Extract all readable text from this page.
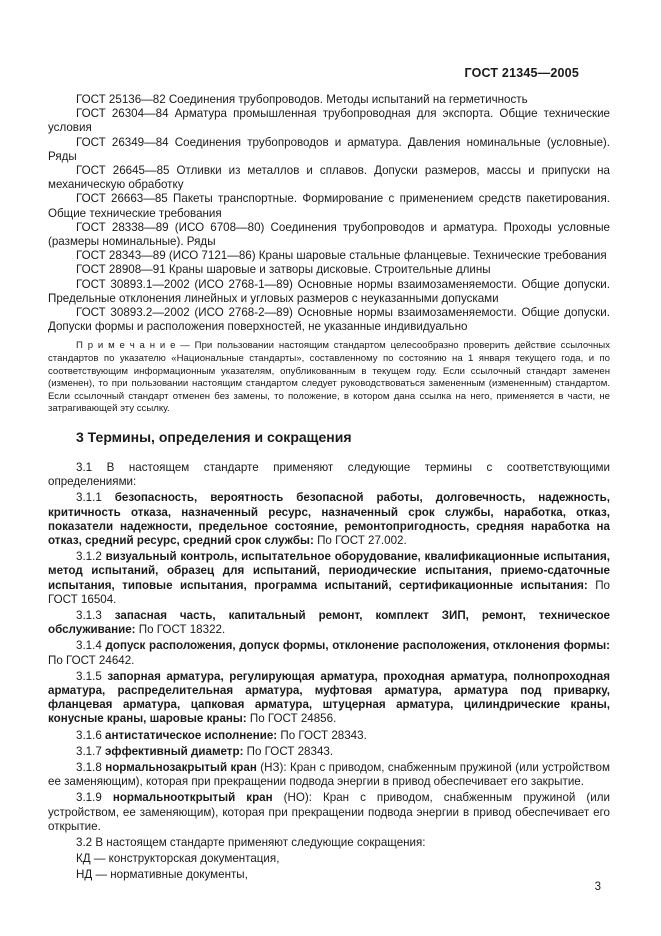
ГОСТ 21345—2005

ГОСТ 25136—82 Соединения трубопроводов. Методы испытаний на герметичность

ГОСТ 26304—84 Арматура промышленная трубопроводная для экспорта. Общие технические условия

ГОСТ 26349—84 Соединения трубопроводов и арматура. Давления номинальные (условные). Ряды

ГОСТ 26645—85 Отливки из металлов и сплавов. Допуски размеров, массы и припуски на механическую обработку

ГОСТ 26663—85 Пакеты транспортные. Формирование с применением средств пакетирования. Общие технические требования

ГОСТ 28338—89 (ИСО 6708—80) Соединения трубопроводов и арматура. Проходы условные (размеры номинальные). Ряды

ГОСТ 28343—89 (ИСО 7121—86) Краны шаровые стальные фланцевые. Технические требования

ГОСТ 28908—91 Краны шаровые и затворы дисковые. Строительные длины

ГОСТ 30893.1—2002 (ИСО 2768-1—89) Основные нормы взаимозаменяемости. Общие допуски. Предельные отклонения линейных и угловых размеров с неуказанными допусками

ГОСТ 30893.2—2002 (ИСО 2768-2—89) Основные нормы взаимозаменяемости. Общие допуски. Допуски формы и расположения поверхностей, не указанные индивидуально

П р и м е ч а н и е — При пользовании настоящим стандартом целесообразно проверить действие ссылочных стандартов по указателю «Национальные стандарты», составленному по состоянию на 1 января текущего года, и по соответствующим информационным указателям, опубликованным в текущем году. Если ссылочный стандарт заменен (изменен), то при пользовании настоящим стандартом следует руководствоваться замененным (измененным) стандартом. Если ссылочный стандарт отменен без замены, то положение, в котором дана ссылка на него, применяется в части, не затрагивающей эту ссылку.

3 Термины, определения и сокращения

3.1 В настоящем стандарте применяют следующие термины с соответствующими определениями:

3.1.1 безопасность, вероятность безопасной работы, долговечность, надежность, критичность отказа, назначенный ресурс, назначенный срок службы, наработка, отказ, показатели надежности, предельное состояние, ремонтопригодность, средняя наработка на отказ, средний ресурс, средний срок службы: По ГОСТ 27.002.

3.1.2 визуальный контроль, испытательное оборудование, квалификационные испытания, метод испытаний, образец для испытаний, периодические испытания, приемо-сдаточные испытания, типовые испытания, программа испытаний, сертификационные испытания: По ГОСТ 16504.

3.1.3 запасная часть, капитальный ремонт, комплект ЗИП, ремонт, техническое обслуживание: По ГОСТ 18322.

3.1.4 допуск расположения, допуск формы, отклонение расположения, отклонения формы: По ГОСТ 24642.

3.1.5 запорная арматура, регулирующая арматура, проходная арматура, полнопроходная арматура, распределительная арматура, муфтовая арматура, арматура под приварку, фланцевая арматура, цапковая арматура, штуцерная арматура, цилиндрические краны, конусные краны, шаровые краны: По ГОСТ 24856.

3.1.6 антистатическое исполнение: По ГОСТ 28343.

3.1.7 эффективный диаметр: По ГОСТ 28343.

3.1.8 нормальнозакрытый кран (НЗ): Кран с приводом, снабженным пружиной (или устройством ее заменяющим), которая при прекращении подвода энергии в привод обеспечивает его закрытие.

3.1.9 нормальнооткрытый кран (НО): Кран с приводом, снабженным пружиной (или устройством, ее заменяющим), которая при прекращении подвода энергии в привод обеспечивает его открытие.

3.2 В настоящем стандарте применяют следующие сокращения:

КД — конструкторская документация,

НД — нормативные документы,

3
